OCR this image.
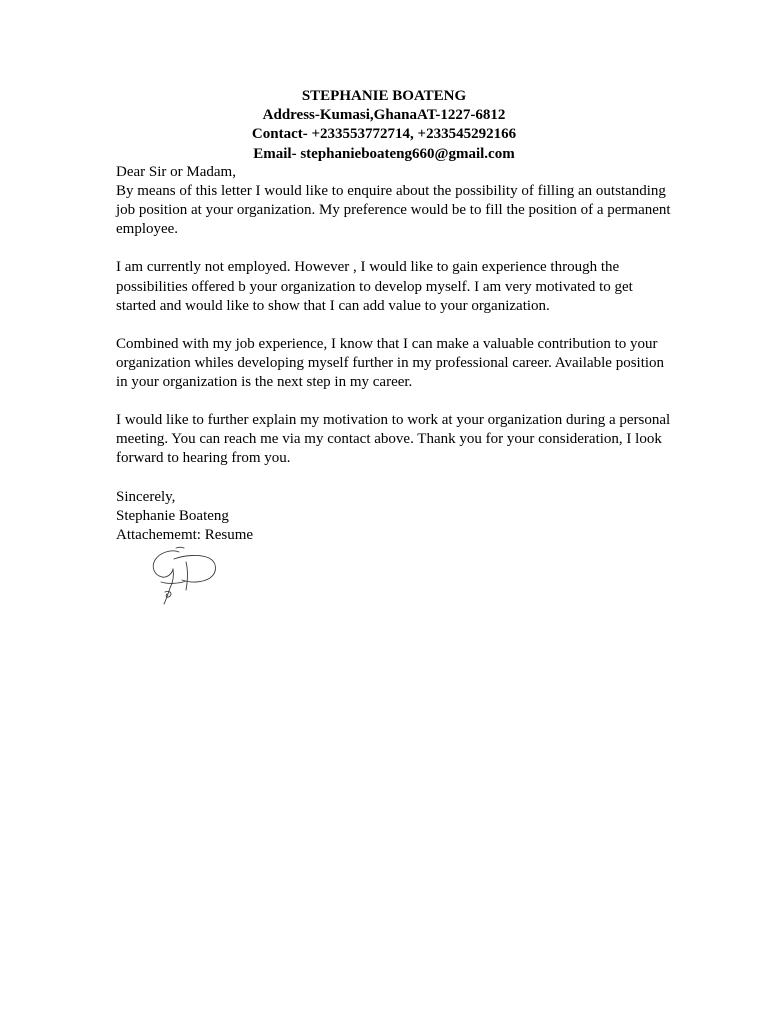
STEPHANIE BOATENG
Address-Kumasi,GhanaAT-1227-6812
Contact- +233553772714, +233545292166
Email- stephanieboateng660@gmail.com

Dear Sir or Madam,

By means of this letter I would like to enquire about the possibility of filling an outstanding job position at your organization. My preference would be to fill the position of a permanent employee.

I am currently not employed. However , I would like to gain experience through the possibilities offered b your organization to develop myself. I am very motivated to get started and would like to show that I can add value to your organization.

Combined with my job experience, I know that I can make a valuable contribution to your organization whiles developing myself further in my professional career. Available position in your organization is the next step in my career.

I would like to further explain my motivation to work at your organization during a personal meeting. You can reach me via my contact above. Thank you for your consideration, I look forward to hearing from you.

Sincerely,

Stephanie Boateng

Attachememt: Resume
